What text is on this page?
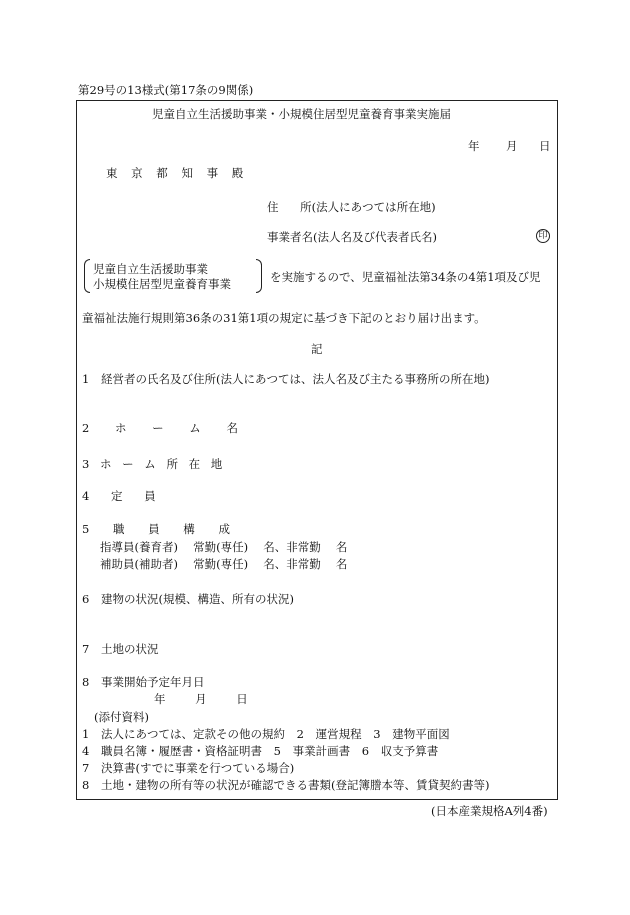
第29号の13様式(第17条の9関係)
児童自立生活援助事業・小規模住居型児童養育事業実施届
年 月 日
東 京 都 知 事 殿
住 所(法人にあつては所在地)
事業者名(法人名及び代表者氏名)	印
児童自立生活援助事業
小規模住居型児童養育事業	を実施するので、児童福祉法第34条の4第1項及び児
童福祉法施行規則第36条の31第1項の規定に基づき下記のとおり届け出ます。
記
1 経営者の氏名及び住所(法人にあつては、法人名及び主たる事務所の所在地)
2 ホ ー ム 名
3 ホ ー ム 所 在 地
4 定 員
5 職 員 構 成
指導員(養育者)　 常勤(専任)　 名、非常勤　 名
補助員(補助者)　 常勤(専任)　 名、非常勤　 名
6 建物の状況(規模、構造、所有の状況)
7 土地の状況
8 事業開始予定年月日
年 月 日
(添付資料)
1 法人にあつては、定款その他の規約 2 運営規程 3 建物平面図
4 職員名簿・履歴書・資格証明書 5 事業計画書 6 収支予算書
7 決算書(すでに事業を行つている場合)
8 土地・建物の所有等の状況が確認できる書類(登記簿謄本等、賃貸契約書等)
(日本産業規格A列4番)
